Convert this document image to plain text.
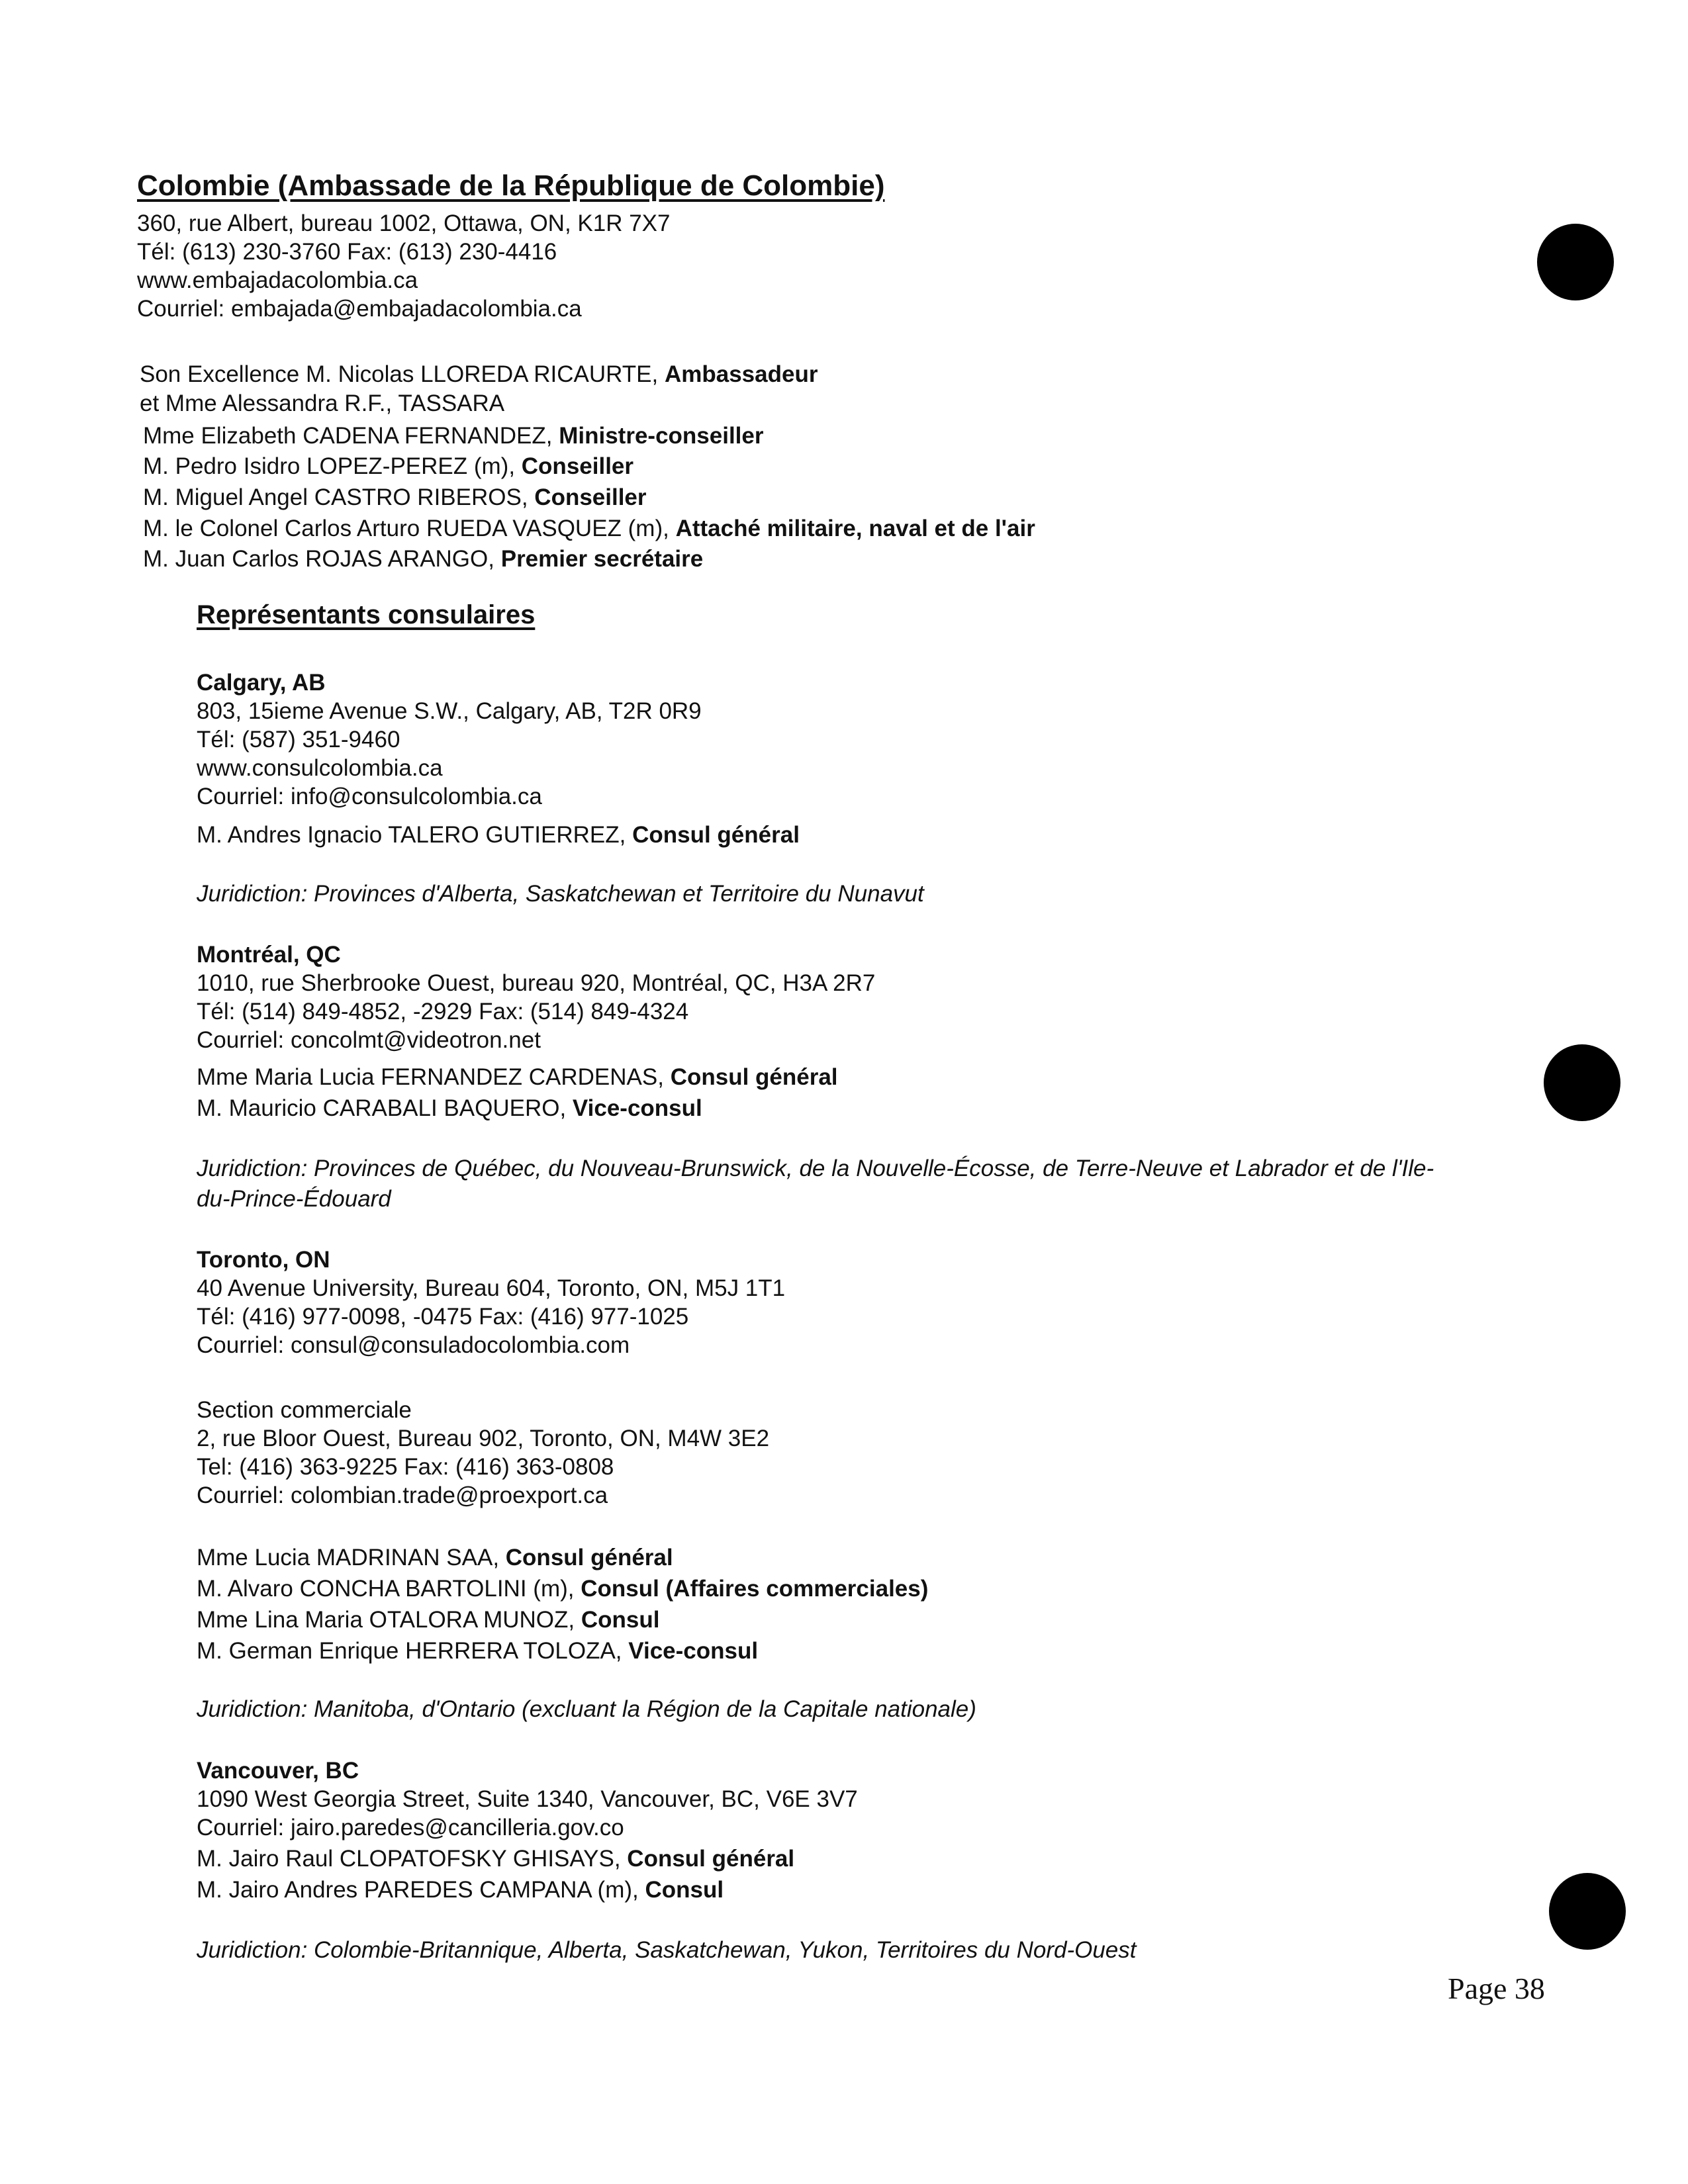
Colombie (Ambassade de la République de Colombie)
360, rue Albert, bureau 1002, Ottawa, ON, K1R 7X7
Tél: (613) 230-3760 Fax: (613) 230-4416
www.embajadacolombia.ca
Courriel: embajada@embajadacolombia.ca
Son Excellence M. Nicolas LLOREDA RICAURTE, Ambassadeur
et Mme Alessandra R.F., TASSARA
Mme Elizabeth CADENA FERNANDEZ, Ministre-conseiller
M. Pedro Isidro LOPEZ-PEREZ (m), Conseiller
M. Miguel Angel CASTRO RIBEROS, Conseiller
M. le Colonel Carlos Arturo RUEDA VASQUEZ (m), Attaché militaire, naval et de l'air
M. Juan Carlos ROJAS ARANGO, Premier secrétaire
Représentants consulaires
Calgary, AB
803, 15ieme Avenue S.W., Calgary, AB, T2R 0R9
Tél: (587) 351-9460
www.consulcolombia.ca
Courriel: info@consulcolombia.ca
M. Andres Ignacio TALERO GUTIERREZ, Consul général
Juridiction: Provinces d'Alberta, Saskatchewan et Territoire du Nunavut
Montréal, QC
1010, rue Sherbrooke Ouest, bureau 920, Montréal, QC, H3A 2R7
Tél: (514) 849-4852, -2929 Fax: (514) 849-4324
Courriel: concolmt@videotron.net
Mme Maria Lucia FERNANDEZ CARDENAS, Consul général
M. Mauricio CARABALI BAQUERO, Vice-consul
Juridiction: Provinces de Québec, du Nouveau-Brunswick, de la Nouvelle-Écosse, de Terre-Neuve et Labrador et de l'Ile-
du-Prince-Édouard
Toronto, ON
40 Avenue University, Bureau 604, Toronto, ON, M5J 1T1
Tél: (416) 977-0098, -0475 Fax: (416) 977-1025
Courriel: consul@consuladocolombia.com
Section commerciale
2, rue Bloor Ouest, Bureau 902, Toronto, ON, M4W 3E2
Tel: (416) 363-9225 Fax: (416) 363-0808
Courriel: colombian.trade@proexport.ca
Mme Lucia MADRINAN SAA, Consul général
M. Alvaro CONCHA BARTOLINI (m), Consul (Affaires commerciales)
Mme Lina Maria OTALORA MUNOZ, Consul
M. German Enrique HERRERA TOLOZA, Vice-consul
Juridiction: Manitoba, d'Ontario (excluant la Région de la Capitale nationale)
Vancouver, BC
1090 West Georgia Street, Suite 1340, Vancouver, BC, V6E 3V7
Courriel: jairo.paredes@cancilleria.gov.co
M. Jairo Raul CLOPATOFSKY GHISAYS, Consul général
M. Jairo Andres PAREDES CAMPANA (m), Consul
Juridiction: Colombie-Britannique, Alberta, Saskatchewan, Yukon, Territoires du Nord-Ouest
Page 38
